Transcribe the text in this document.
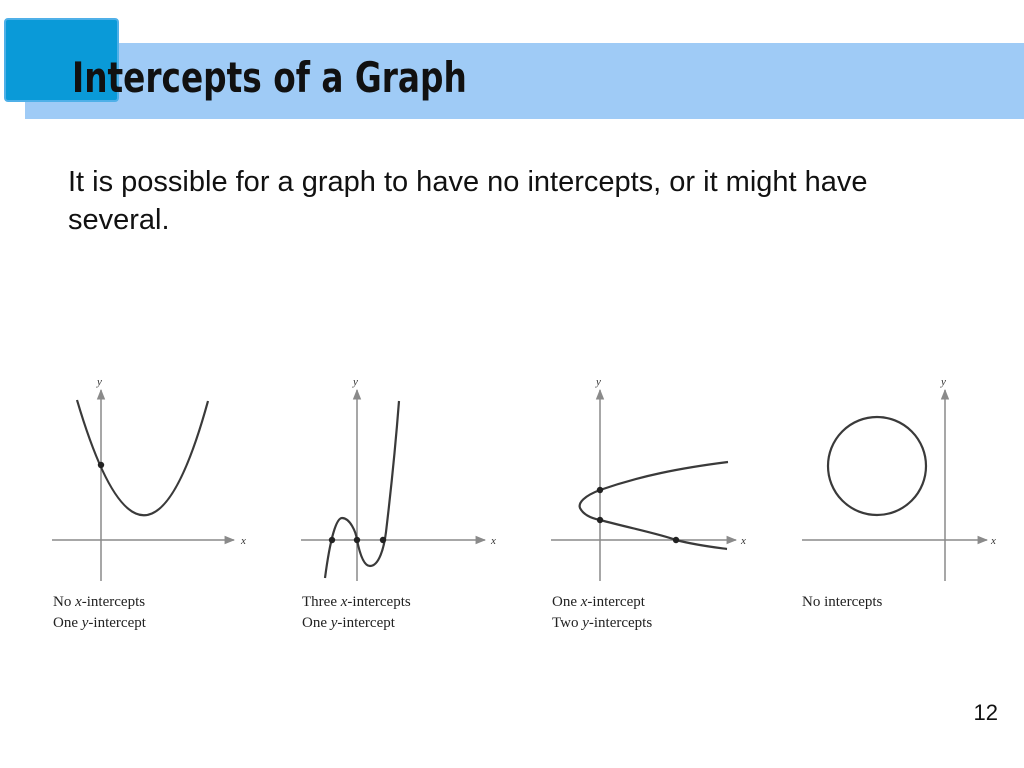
Intercepts of a Graph

It is possible for a graph to have no intercepts, or it might have several.

x
y
x
y
x
y
x
y
No x-intercepts
One y-intercept
Three x-intercepts
One y-intercept
One x-intercept
Two y-intercepts
No intercepts
12
